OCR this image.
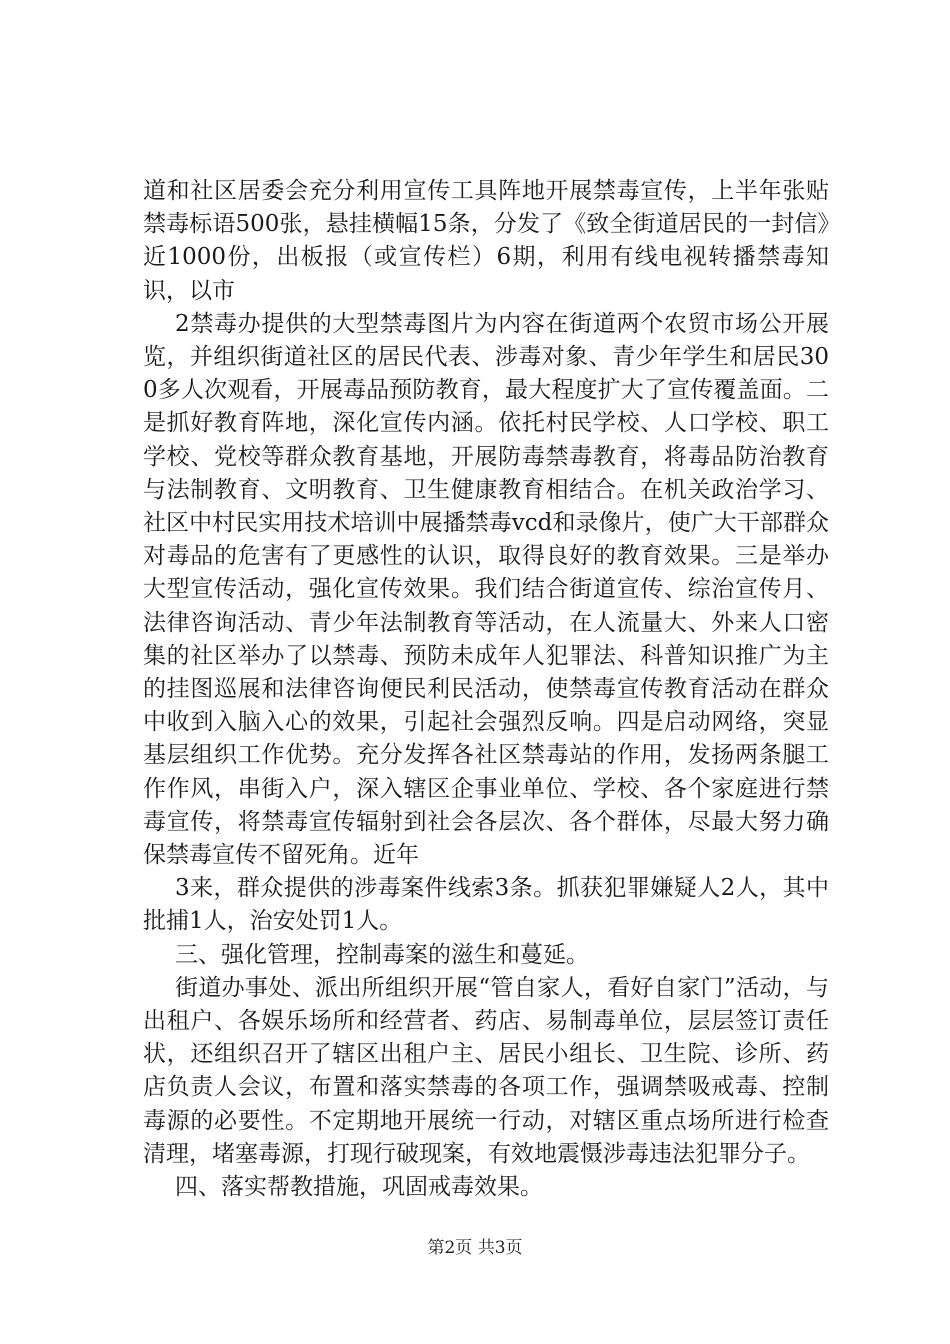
道和社区居委会充分利用宣传工具阵地开展禁毒宣传，上半年张贴禁毒标语500张，悬挂横幅15条，分发了《致全街道居民的一封信》近1000份，出板报（或宣传栏）6期，利用有线电视转播禁毒知识，以市

2禁毒办提供的大型禁毒图片为内容在街道两个农贸市场公开展览，并组织街道社区的居民代表、涉毒对象、青少年学生和居民300多人次观看，开展毒品预防教育，最大程度扩大了宣传覆盖面。二是抓好教育阵地，深化宣传内涵。依托村民学校、人口学校、职工学校、党校等群众教育基地，开展防毒禁毒教育，将毒品防治教育与法制教育、文明教育、卫生健康教育相结合。在机关政治学习、社区中村民实用技术培训中展播禁毒vcd和录像片，使广大干部群众对毒品的危害有了更感性的认识，取得良好的教育效果。三是举办大型宣传活动，强化宣传效果。我们结合街道宣传、综治宣传月、法律咨询活动、青少年法制教育等活动，在人流量大、外来人口密集的社区举办了以禁毒、预防未成年人犯罪法、科普知识推广为主的挂图巡展和法律咨询便民利民活动，使禁毒宣传教育活动在群众中收到入脑入心的效果，引起社会强烈反响。四是启动网络，突显基层组织工作优势。充分发挥各社区禁毒站的作用，发扬两条腿工作作风，串街入户，深入辖区企事业单位、学校、各个家庭进行禁毒宣传，将禁毒宣传辐射到社会各层次、各个群体，尽最大努力确保禁毒宣传不留死角。近年

3来，群众提供的涉毒案件线索3条。抓获犯罪嫌疑人2人，其中批捕1人，治安处罚1人。

三、强化管理，控制毒案的滋生和蔓延。

街道办事处、派出所组织开展“管自家人，看好自家门”活动，与出租户、各娱乐场所和经营者、药店、易制毒单位，层层签订责任状，还组织召开了辖区出租户主、居民小组长、卫生院、诊所、药店负责人会议，布置和落实禁毒的各项工作，强调禁吸戒毒、控制毒源的必要性。不定期地开展统一行动，对辖区重点场所进行检查清理，堵塞毒源，打现行破现案，有效地震慑涉毒违法犯罪分子。

四、落实帮教措施，巩固戒毒效果。

第2页 共3页
